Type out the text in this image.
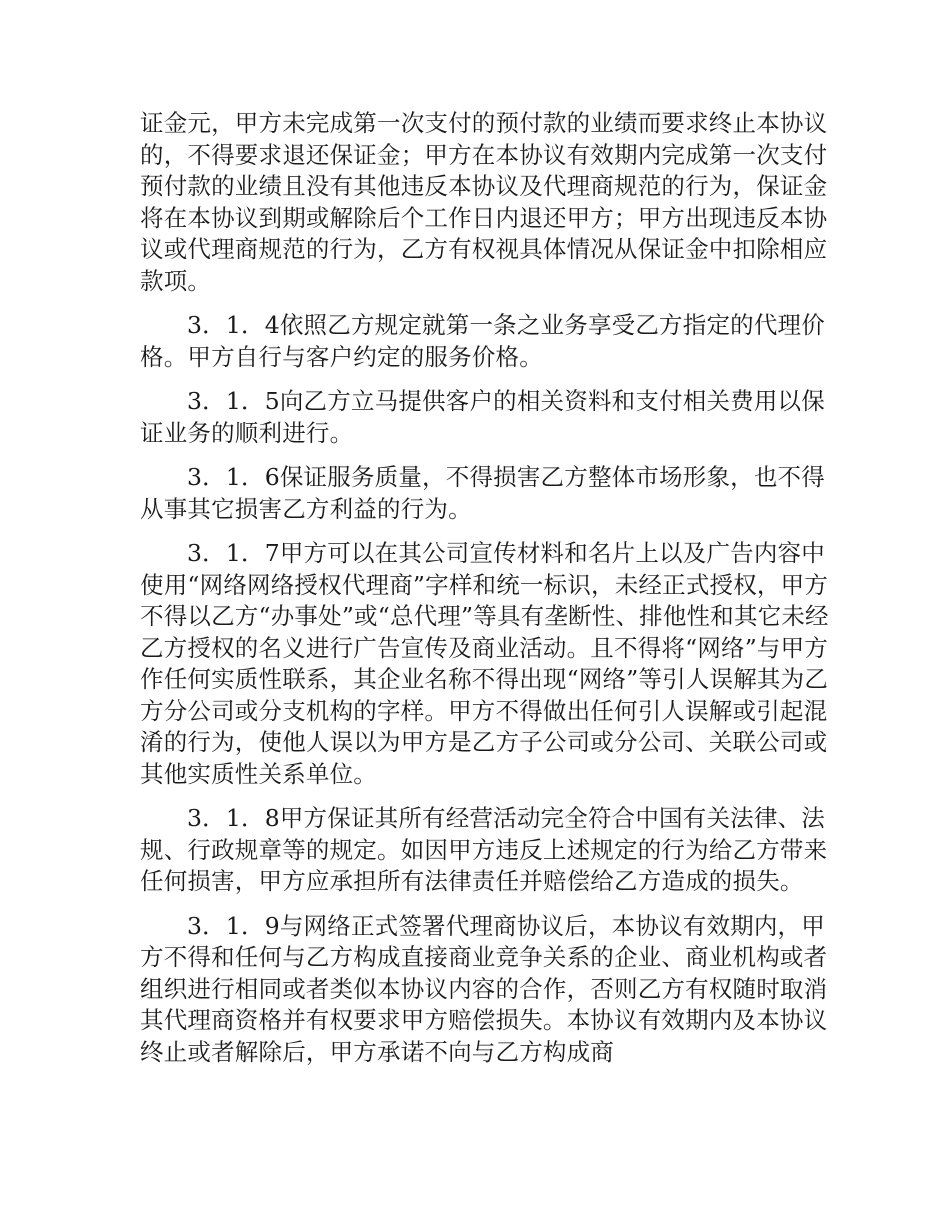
证金元，甲方未完成第一次支付的预付款的业绩而要求终止本协议的，不得要求退还保证金；甲方在本协议有效期内完成第一次支付预付款的业绩且没有其他违反本协议及代理商规范的行为，保证金将在本协议到期或解除后个工作日内退还甲方；甲方出现违反本协议或代理商规范的行为，乙方有权视具体情况从保证金中扣除相应款项。

3．1．4依照乙方规定就第一条之业务享受乙方指定的代理价格。甲方自行与客户约定的服务价格。

3．1．5向乙方立马提供客户的相关资料和支付相关费用以保证业务的顺利进行。

3．1．6保证服务质量，不得损害乙方整体市场形象，也不得从事其它损害乙方利益的行为。

3．1．7甲方可以在其公司宣传材料和名片上以及广告内容中使用“网络网络授权代理商”字样和统一标识，未经正式授权，甲方不得以乙方“办事处”或“总代理”等具有垄断性、排他性和其它未经乙方授权的名义进行广告宣传及商业活动。且不得将“网络”与甲方作任何实质性联系，其企业名称不得出现“网络”等引人误解其为乙方分公司或分支机构的字样。甲方不得做出任何引人误解或引起混淆的行为，使他人误以为甲方是乙方子公司或分公司、关联公司或其他实质性关系单位。

3．1．8甲方保证其所有经营活动完全符合中国有关法律、法规、行政规章等的规定。如因甲方违反上述规定的行为给乙方带来任何损害，甲方应承担所有法律责任并赔偿给乙方造成的损失。

3．1．9与网络正式签署代理商协议后，本协议有效期内，甲方不得和任何与乙方构成直接商业竞争关系的企业、商业机构或者组织进行相同或者类似本协议内容的合作，否则乙方有权随时取消其代理商资格并有权要求甲方赔偿损失。本协议有效期内及本协议终止或者解除后，甲方承诺不向与乙方构成商
